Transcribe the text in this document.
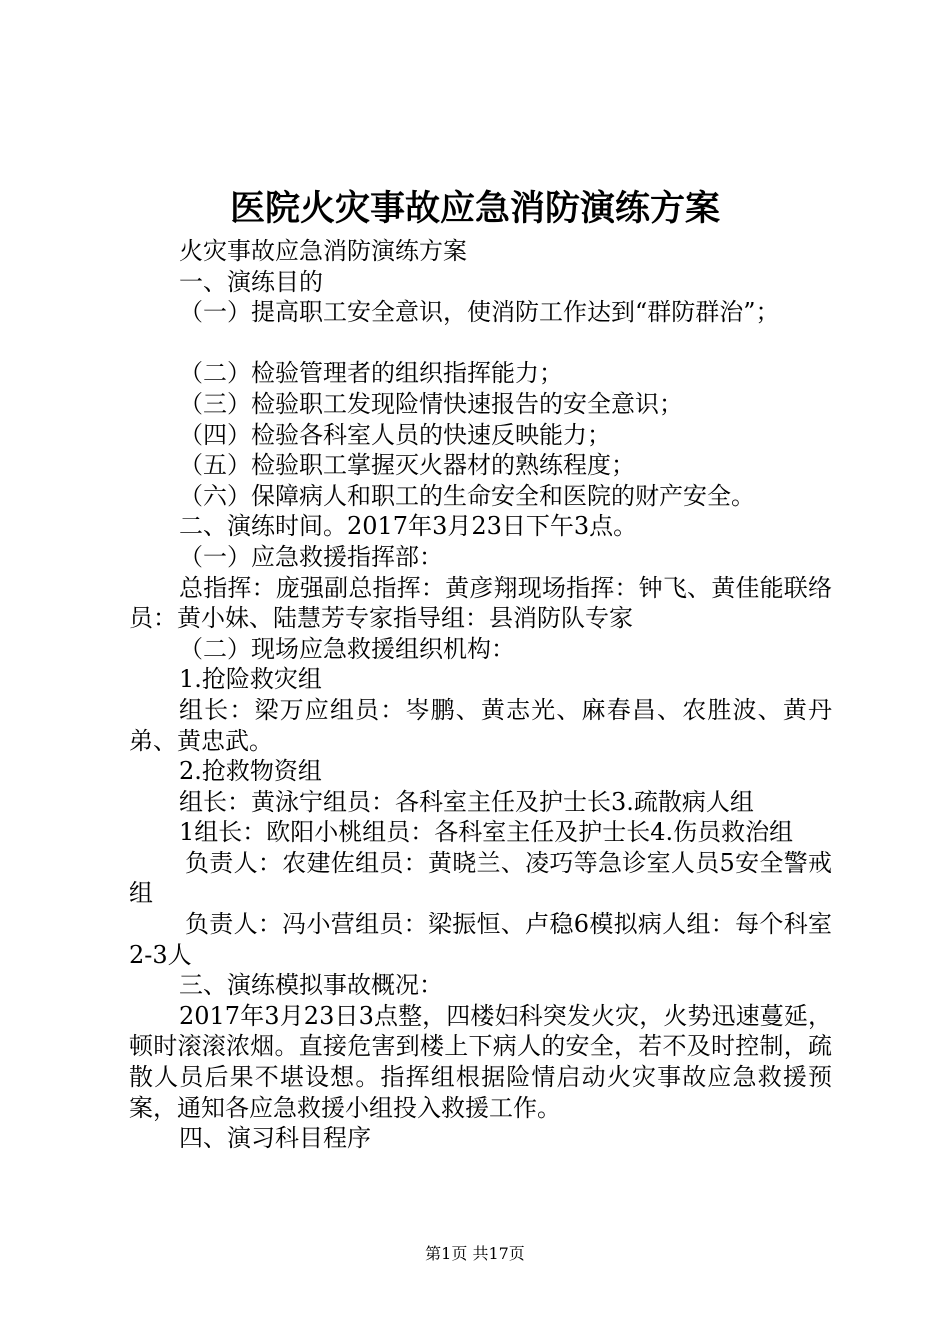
医院火灾事故应急消防演练方案

火灾事故应急消防演练方案

一、演练目的

（一）提高职工安全意识，使消防工作达到“群防群治”；

（二）检验管理者的组织指挥能力；

（三）检验职工发现险情快速报告的安全意识；

（四）检验各科室人员的快速反映能力；

（五）检验职工掌握灭火器材的熟练程度；

（六）保障病人和职工的生命安全和医院的财产安全。

二、演练时间。2017年3月23日下午3点。

（一）应急救援指挥部：

总指挥：庞强副总指挥：黄彦翔现场指挥：钟飞、黄佳能联络员：黄小妹、陆慧芳专家指导组：县消防队专家

（二）现场应急救援组织机构：

1.抢险救灾组

组长：梁万应组员：岑鹏、黄志光、麻春昌、农胜波、黄丹弟、黄忠武。

2.抢救物资组

组长：黄泳宁组员：各科室主任及护士长3.疏散病人组

1组长：欧阳小桃组员：各科室主任及护士长4.伤员救治组

负责人：农建佐组员：黄晓兰、凌巧等急诊室人员5安全警戒组

负责人：冯小营组员：梁振恒、卢稳6模拟病人组：每个科室2-3人

三、演练模拟事故概况：

2017年3月23日3点整，四楼妇科突发火灾，火势迅速蔓延，顿时滚滚浓烟。直接危害到楼上下病人的安全，若不及时控制，疏散人员后果不堪设想。指挥组根据险情启动火灾事故应急救援预案，通知各应急救援小组投入救援工作。

四、演习科目程序

第1页 共17页
